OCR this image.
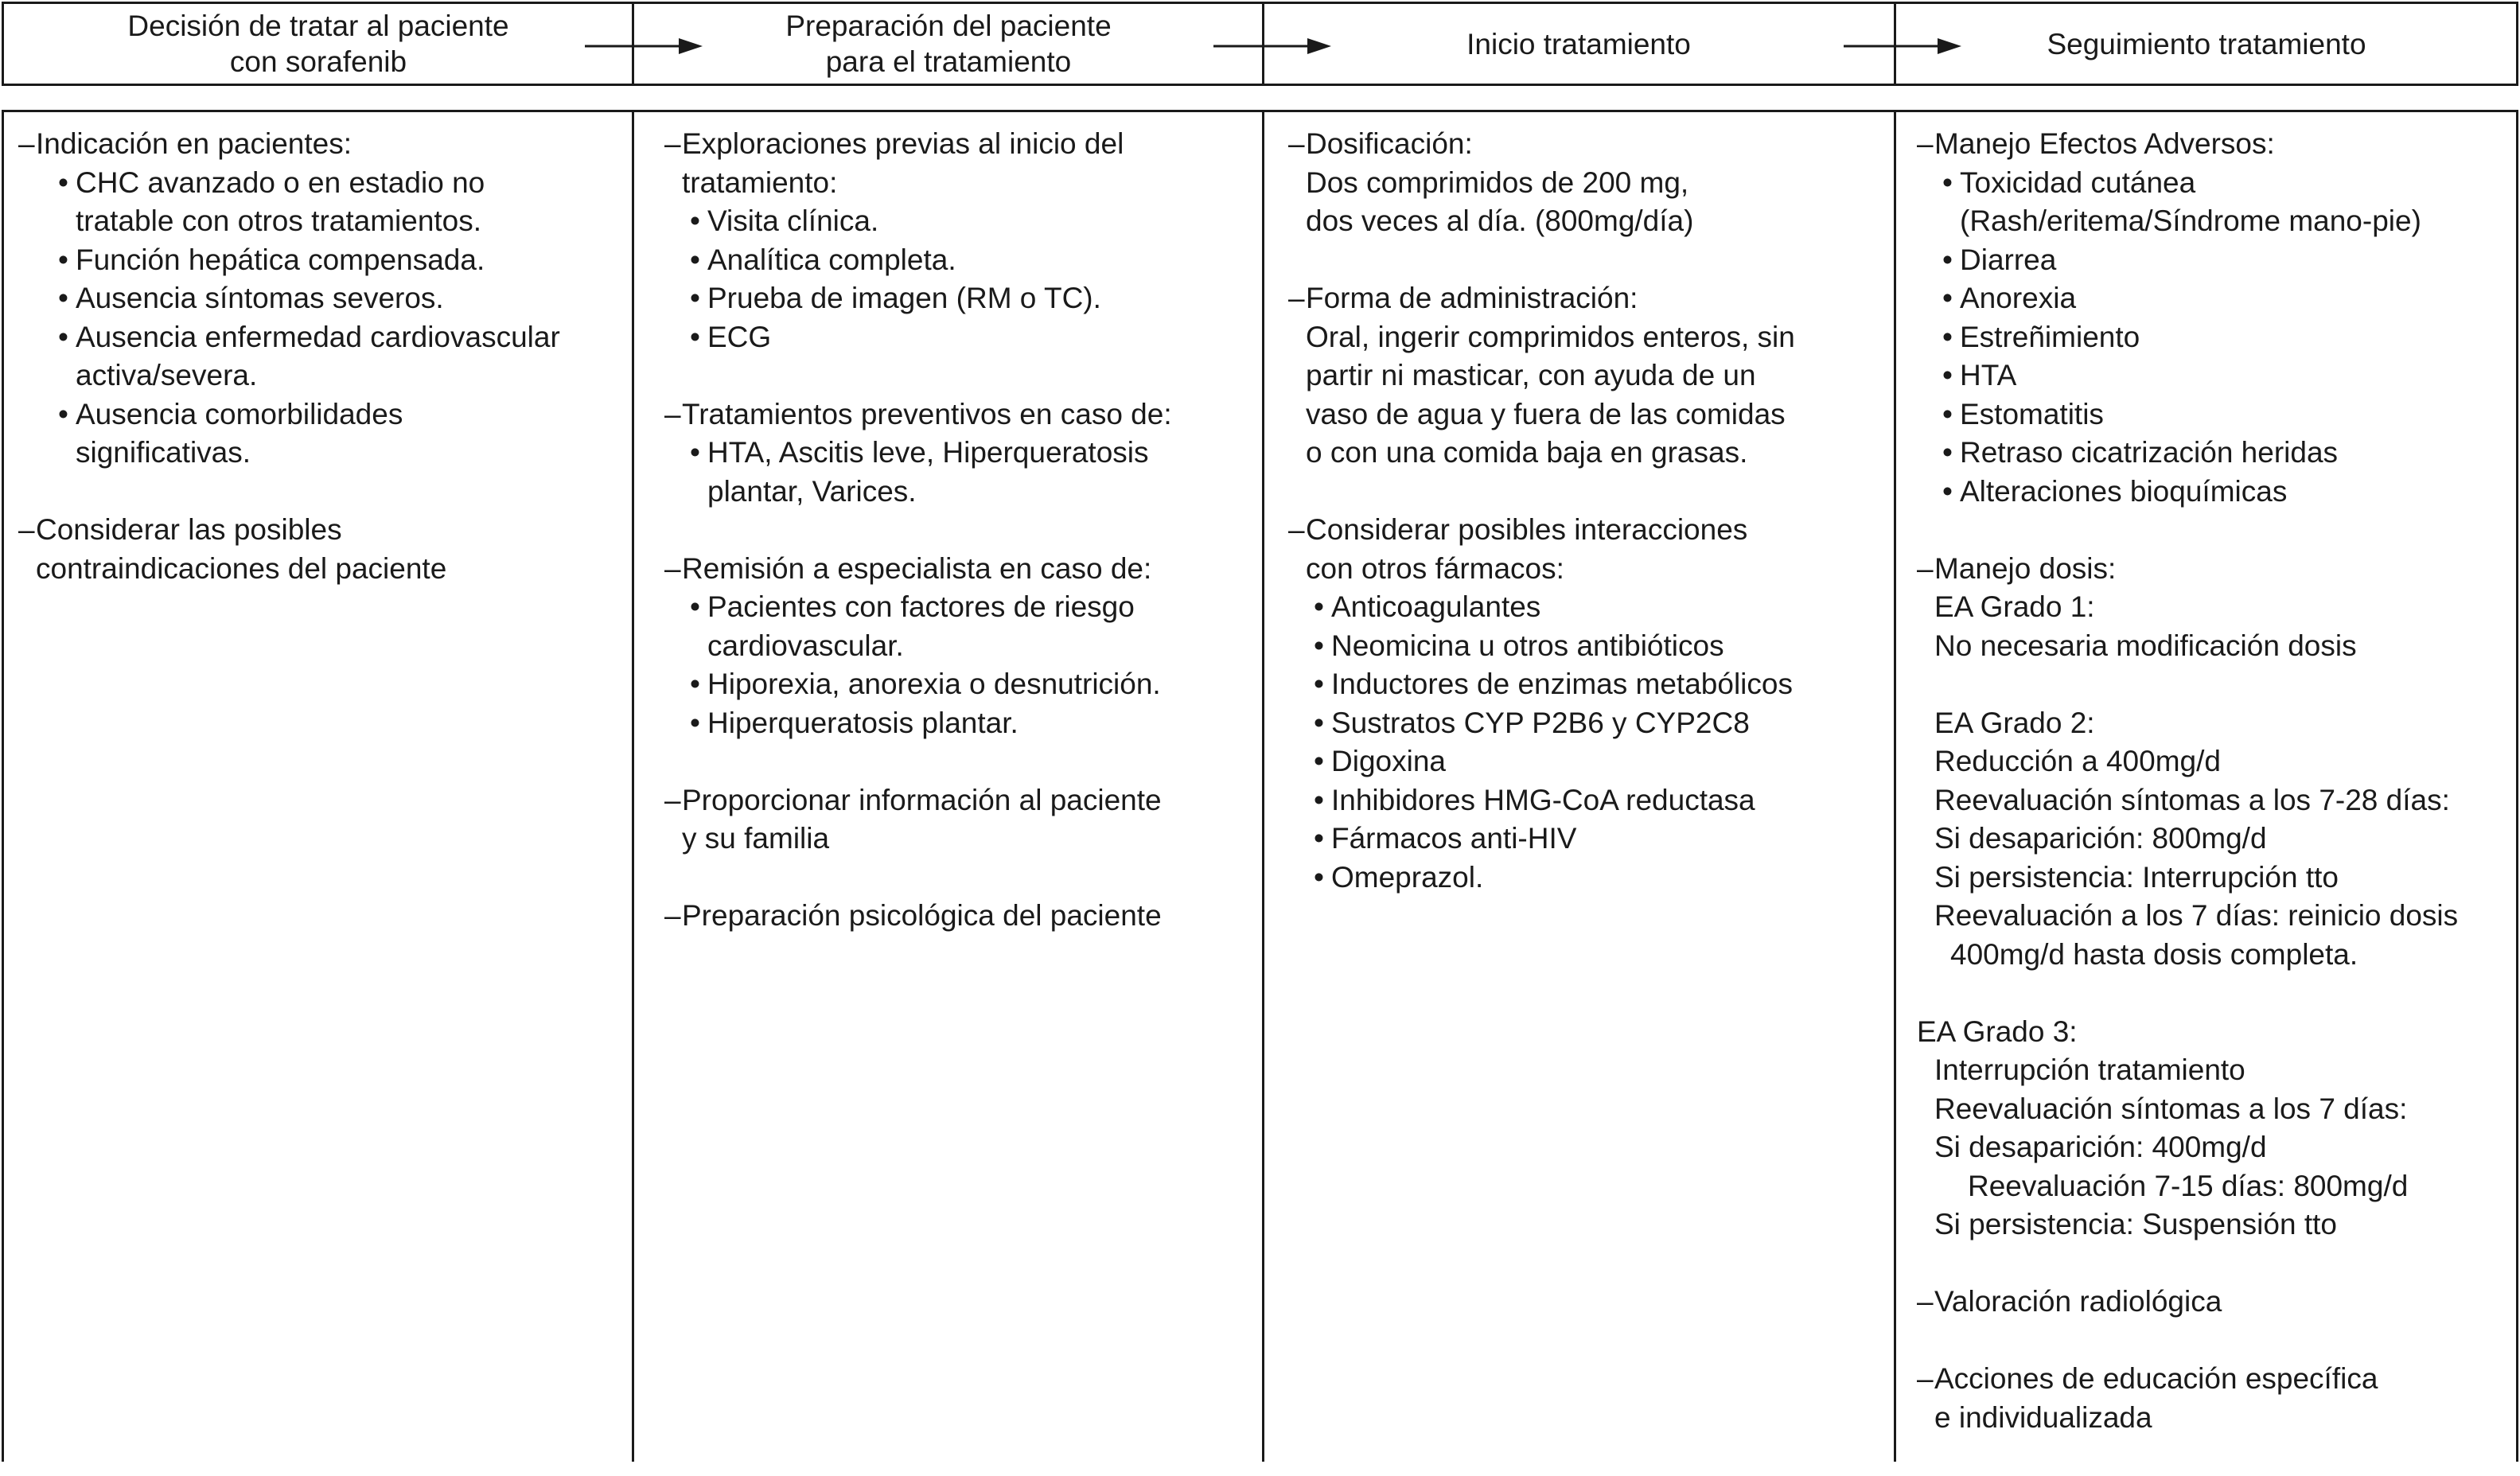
Decisión de tratar al paciente
con sorafenib
Preparación del paciente
para el tratamiento
Inicio tratamiento	Seguimiento tratamiento
– Indicación en pacientes:
• CHC avanzado o en estadio no
tratable con otros tratamientos.
• Función hepática compensada.
• Ausencia síntomas severos.
• Ausencia enfermedad cardiovascular
activa/severa.
• Ausencia comorbilidades
significativas.
– Considerar las posibles
contraindicaciones del paciente
– Exploraciones previas al inicio del
tratamiento:
• Visita clínica.
• Analítica completa.
• Prueba de imagen (RM o TC).
• ECG
– Tratamientos preventivos en caso de:
• HTA, Ascitis leve, Hiperqueratosis
plantar, Varices.
– Remisión a especialista en caso de:
• Pacientes con factores de riesgo
cardiovascular.
• Hiporexia, anorexia o desnutrición.
• Hiperqueratosis plantar.
– Proporcionar información al paciente
y su familia
– Preparación psicológica del paciente
– Dosificación:
Dos comprimidos de 200 mg,
dos veces al día. (800mg/día)
– Forma de administración:
Oral, ingerir comprimidos enteros, sin
partir ni masticar, con ayuda de un
vaso de agua y fuera de las comidas
o con una comida baja en grasas.
– Considerar posibles interacciones
con otros fármacos:
• Anticoagulantes
• Neomicina u otros antibióticos
• Inductores de enzimas metabólicos
• Sustratos CYP P2B6 y CYP2C8
• Digoxina
• Inhibidores HMG-CoA reductasa
• Fármacos anti-HIV
• Omeprazol.
– Manejo Efectos Adversos:
• Toxicidad cutánea
(Rash/eritema/Síndrome mano-pie)
• Diarrea
• Anorexia
• Estreñimiento
• HTA
• Estomatitis
• Retraso cicatrización heridas
• Alteraciones bioquímicas
– Manejo dosis:
EA Grado 1:
No necesaria modificación dosis
EA Grado 2:
Reducción a 400mg/d
Reevaluación síntomas a los 7-28 días:
Si desaparición: 800mg/d
Si persistencia: Interrupción tto
Reevaluación a los 7 días: reinicio dosis
400mg/d hasta dosis completa.
EA Grado 3:
Interrupción tratamiento
Reevaluación síntomas a los 7 días:
Si desaparición: 400mg/d
Reevaluación 7-15 días: 800mg/d
Si persistencia: Suspensión tto
– Valoración radiológica
– Acciones de educación específica
e individualizada
